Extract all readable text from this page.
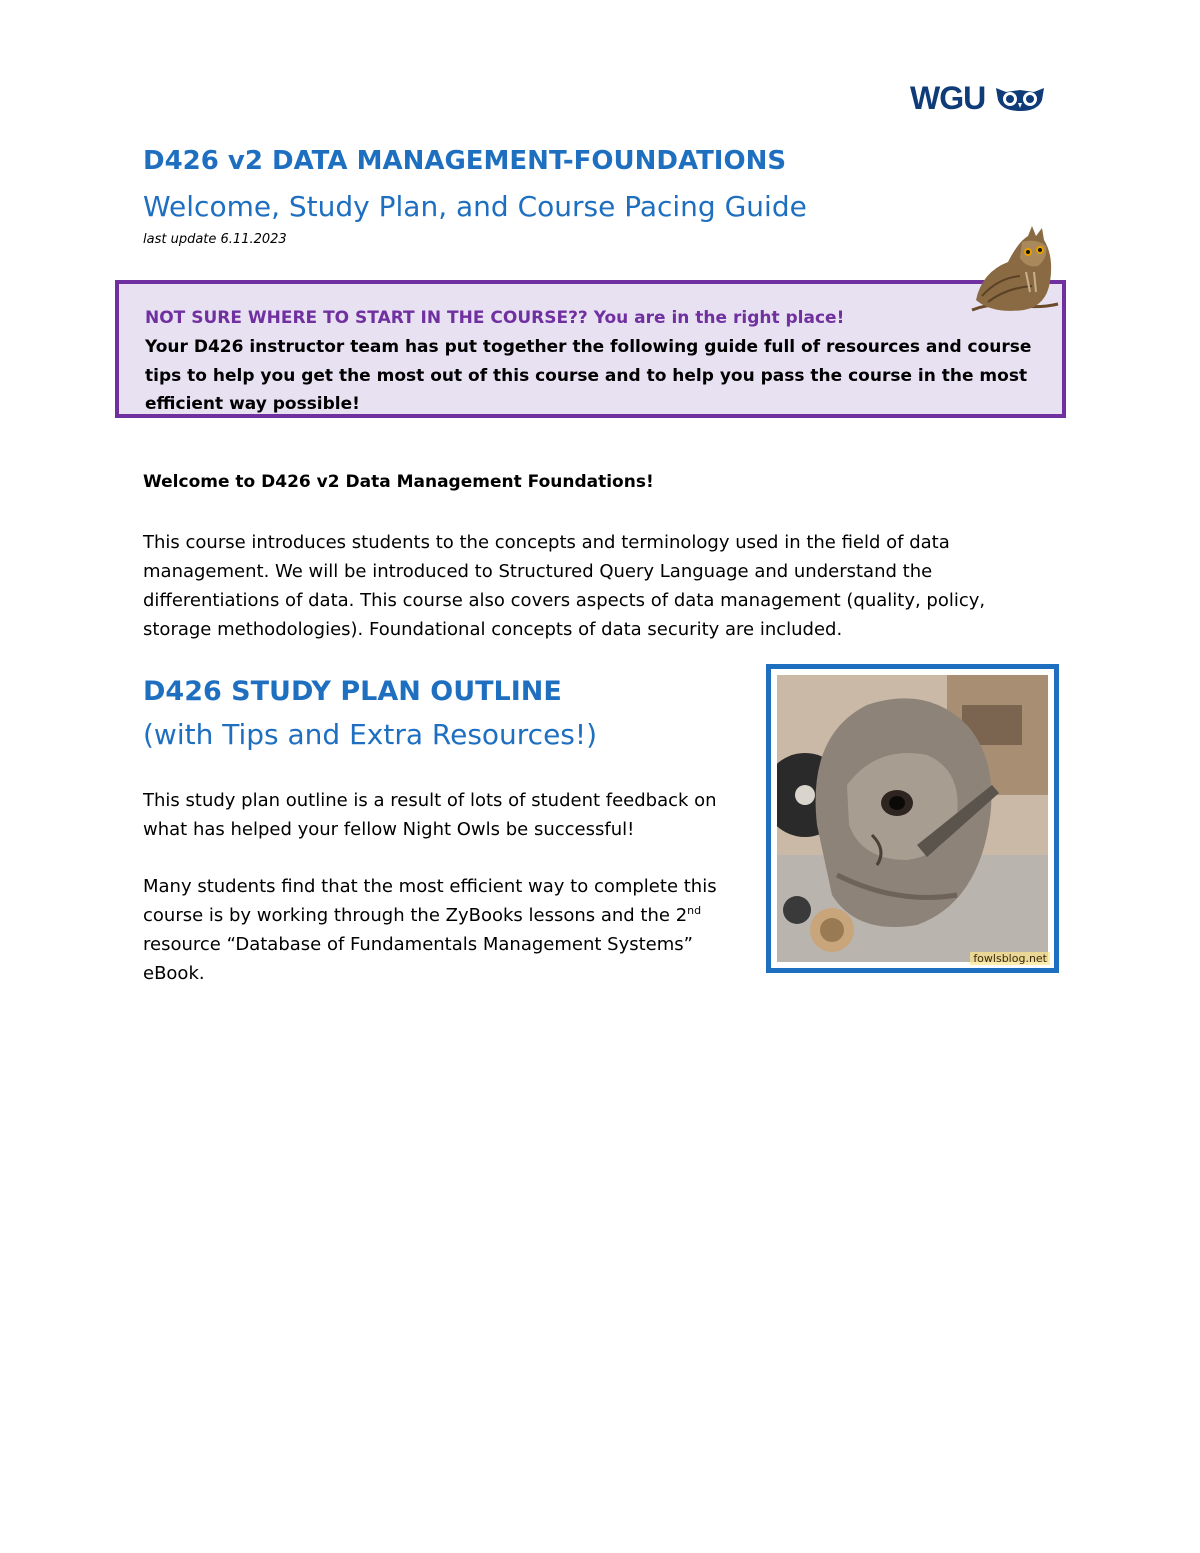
WGU
D426 v2 DATA MANAGEMENT-FOUNDATIONS
Welcome, Study Plan, and Course Pacing Guide
last update 6.11.2023
NOT SURE WHERE TO START IN THE COURSE?? You are in the right place!
Your D426 instructor team has put together the following guide full of resources and course tips to help you get the most out of this course and to help you pass the course in the most efficient way possible!
Welcome to D426 v2 Data Management Foundations!
This course introduces students to the concepts and terminology used in the field of data management. We will be introduced to Structured Query Language and understand the differentiations of data. This course also covers aspects of data management (quality, policy, storage methodologies). Foundational concepts of data security are included.
D426 STUDY PLAN OUTLINE
(with Tips and Extra Resources!)
This study plan outline is a result of lots of student feedback on what has helped your fellow Night Owls be successful!
Many students find that the most efficient way to complete this course is by working through the ZyBooks lessons and the 2nd resource “Database of Fundamentals Management Systems” eBook.
fowlsblog.net
